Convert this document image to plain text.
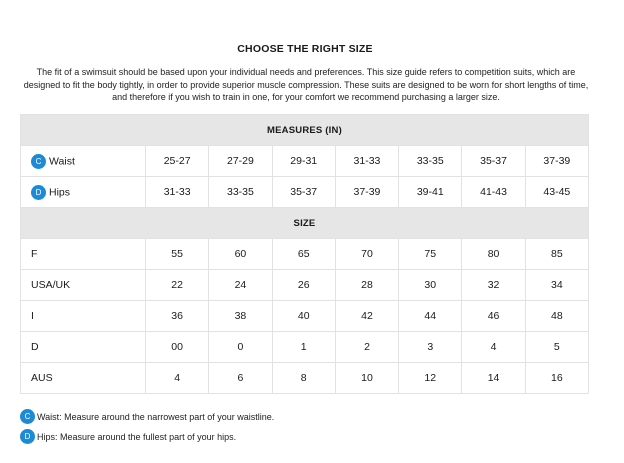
CHOOSE THE RIGHT SIZE
The fit of a swimsuit should be based upon your individual needs and preferences. This size guide refers to competition suits, which are designed to fit the body tightly, in order to provide superior muscle compression. These suits are designed to be worn for short lengths of time, and therefore if you wish to train in one, for your comfort we recommend purchasing a larger size.
MEASURES (IN)							
C Waist	25-27	27-29	29-31	31-33	33-35	35-37	37-39
D Hips	31-33	33-35	35-37	37-39	39-41	41-43	43-45
SIZE							
F	55	60	65	70	75	80	85
USA/UK	22	24	26	28	30	32	34
I	36	38	40	42	44	46	48
D	00	0	1	2	3	4	5
AUS	4	6	8	10	12	14	16
C Waist: Measure around the narrowest part of your waistline.
D Hips: Measure around the fullest part of your hips.
